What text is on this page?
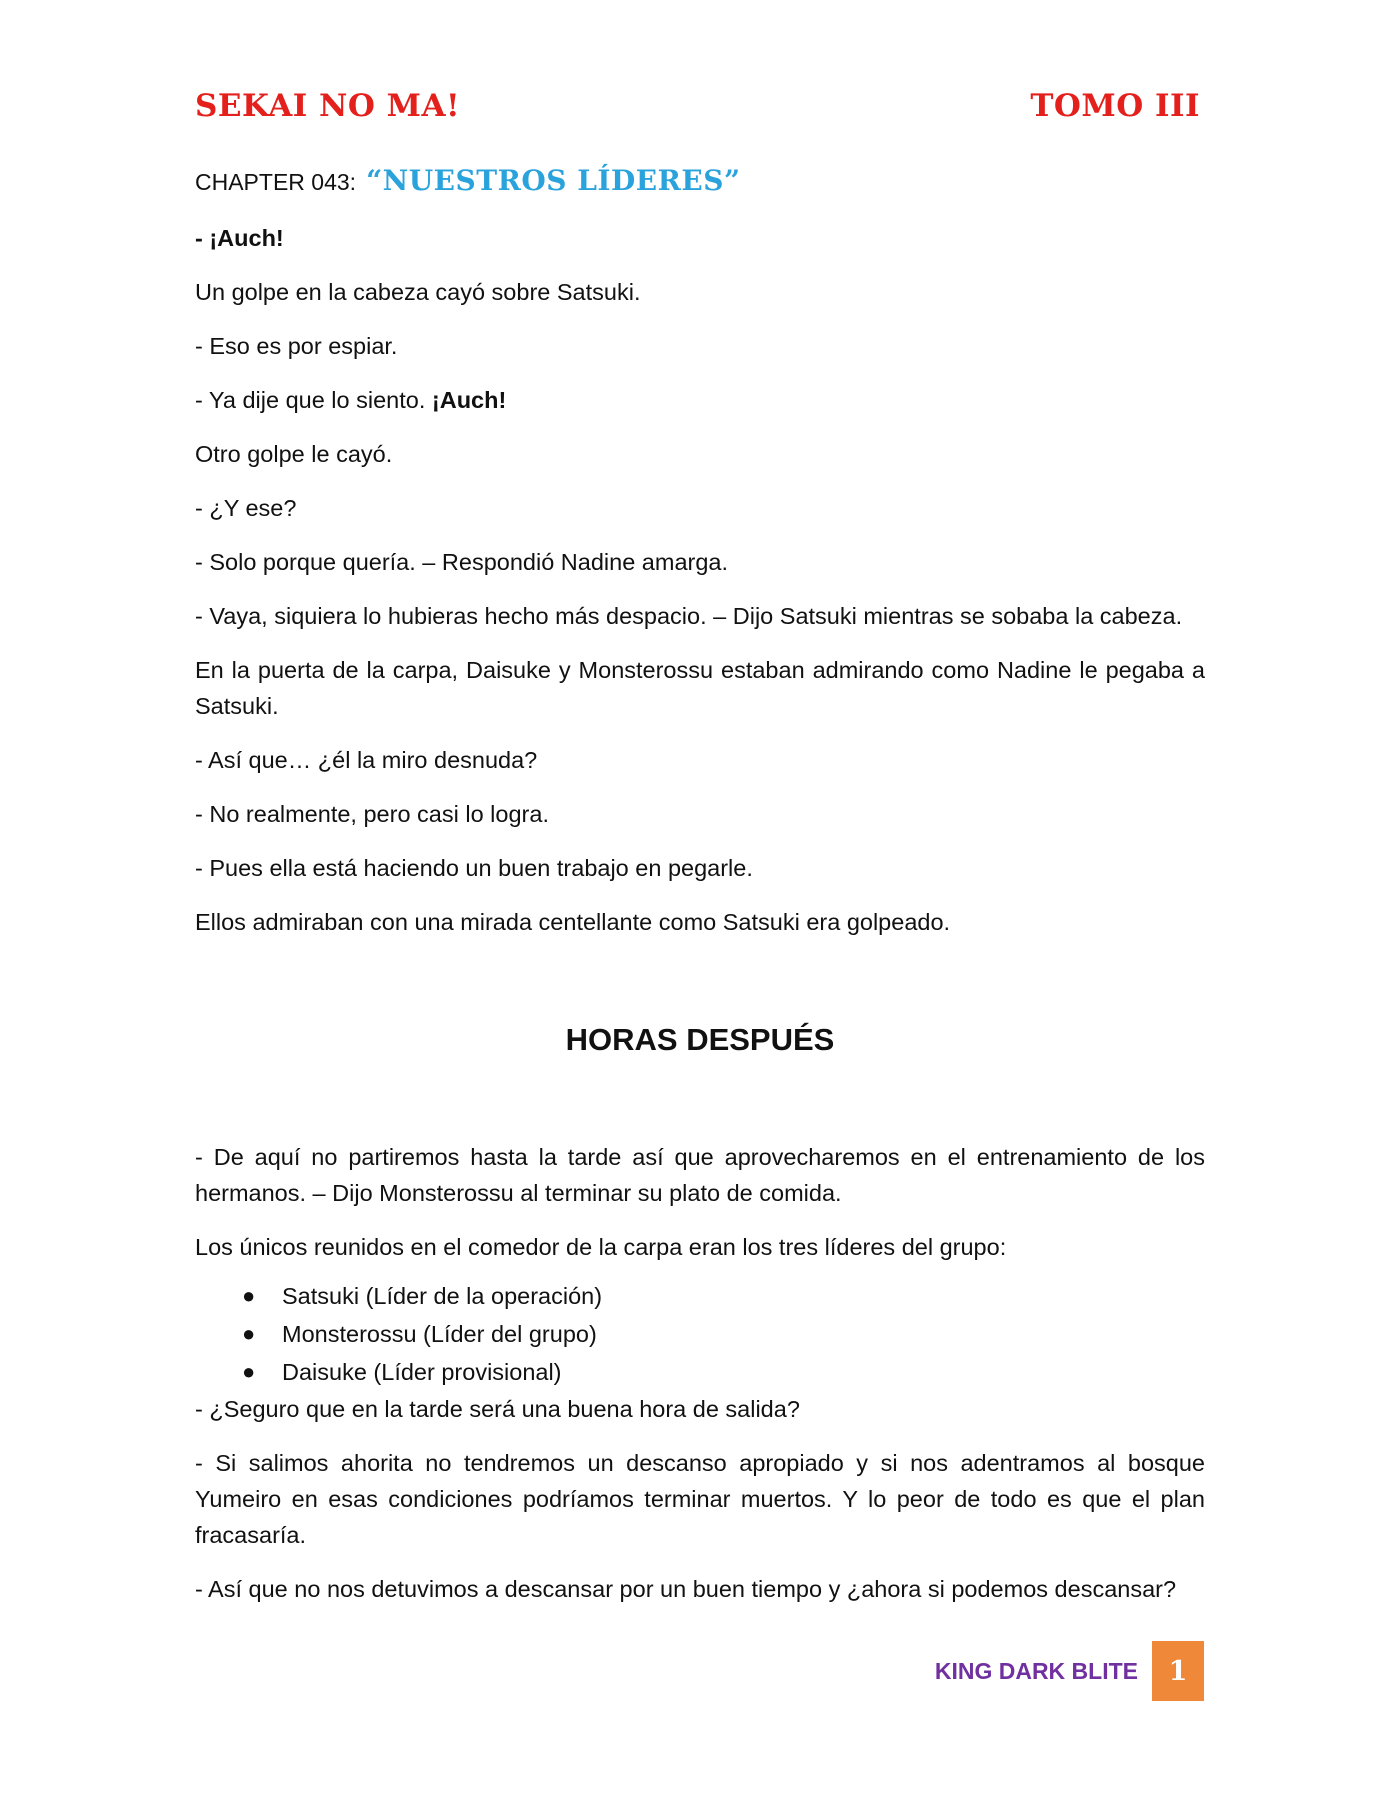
SEKAI NO MA!	TOMO III
CHAPTER 043: “NUESTROS LÍDERES”

- ¡Auch!

Un golpe en la cabeza cayó sobre Satsuki.

- Eso es por espiar.

- Ya dije que lo siento. ¡Auch!

Otro golpe le cayó.

- ¿Y ese?

- Solo porque quería. – Respondió Nadine amarga.

- Vaya, siquiera lo hubieras hecho más despacio. – Dijo Satsuki mientras se sobaba la cabeza.

En la puerta de la carpa, Daisuke y Monsterossu estaban admirando como Nadine le pegaba a Satsuki.

- Así que… ¿él la miro desnuda?

- No realmente, pero casi lo logra.

- Pues ella está haciendo un buen trabajo en pegarle.

Ellos admiraban con una mirada centellante como Satsuki era golpeado.

HORAS DESPUÉS

- De aquí no partiremos hasta la tarde así que aprovecharemos en el entrenamiento de los hermanos. – Dijo Monsterossu al terminar su plato de comida.

Los únicos reunidos en el comedor de la carpa eran los tres líderes del grupo:

● Satsuki (Líder de la operación)
● Monsterossu (Líder del grupo)
● Daisuke (Líder provisional)

- ¿Seguro que en la tarde será una buena hora de salida?

- Si salimos ahorita no tendremos un descanso apropiado y si nos adentramos al bosque Yumeiro en esas condiciones podríamos terminar muertos. Y lo peor de todo es que el plan fracasaría.

- Así que no nos detuvimos a descansar por un buen tiempo y ¿ahora si podemos descansar?

KING DARK BLITE	1
